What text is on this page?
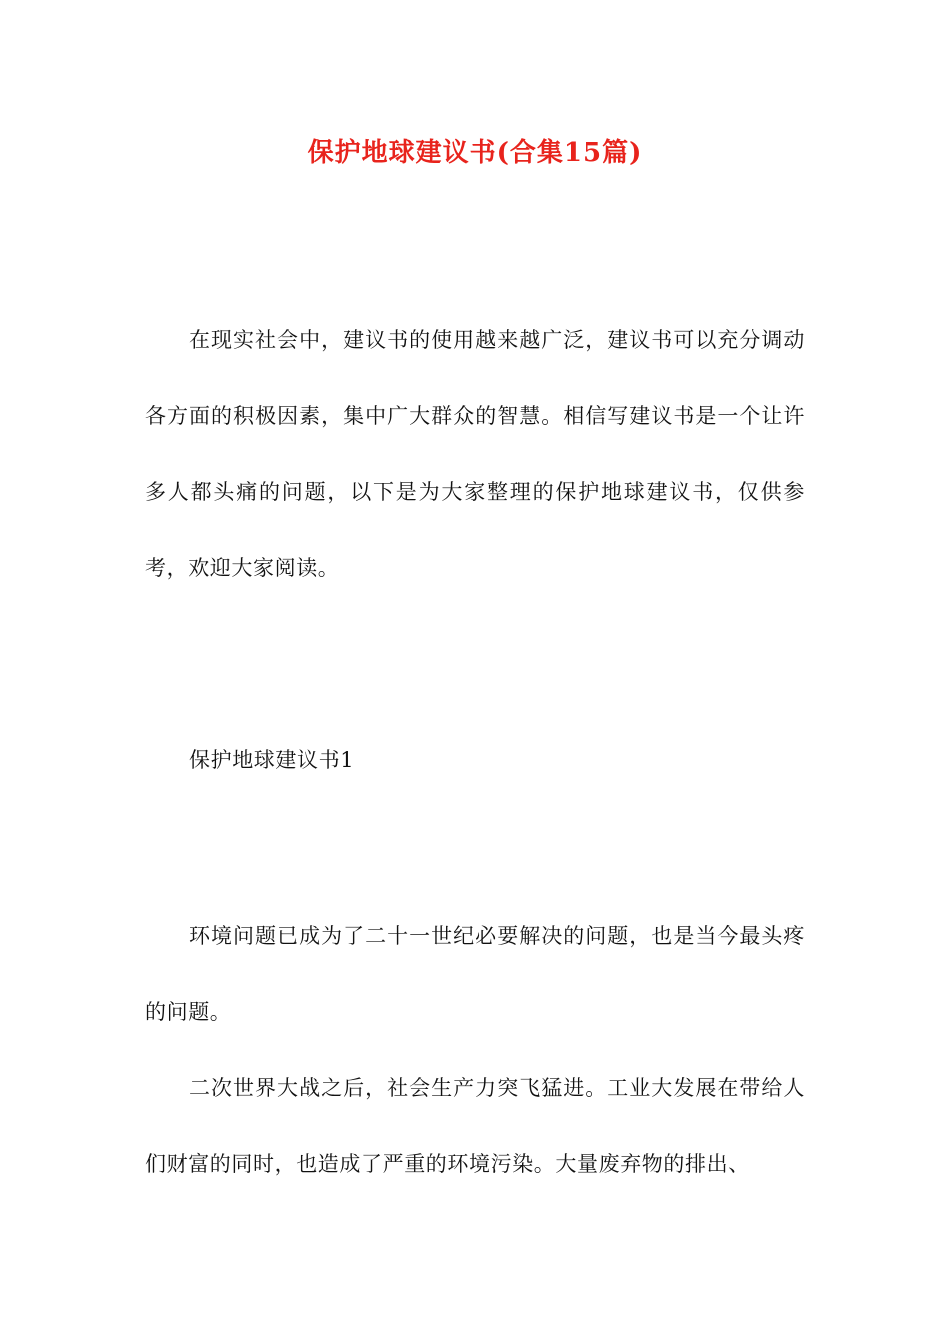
保护地球建议书(合集15篇)
在现实社会中，建议书的使用越来越广泛，建议书可以充分调动各方面的积极因素，集中广大群众的智慧。相信写建议书是一个让许多人都头痛的问题，以下是为大家整理的保护地球建议书，仅供参考，欢迎大家阅读。
保护地球建议书1
环境问题已成为了二十一世纪必要解决的问题，也是当今最头疼的问题。
二次世界大战之后，社会生产力突飞猛进。工业大发展在带给人们财富的同时，也造成了严重的环境污染。大量废弃物的排出、
